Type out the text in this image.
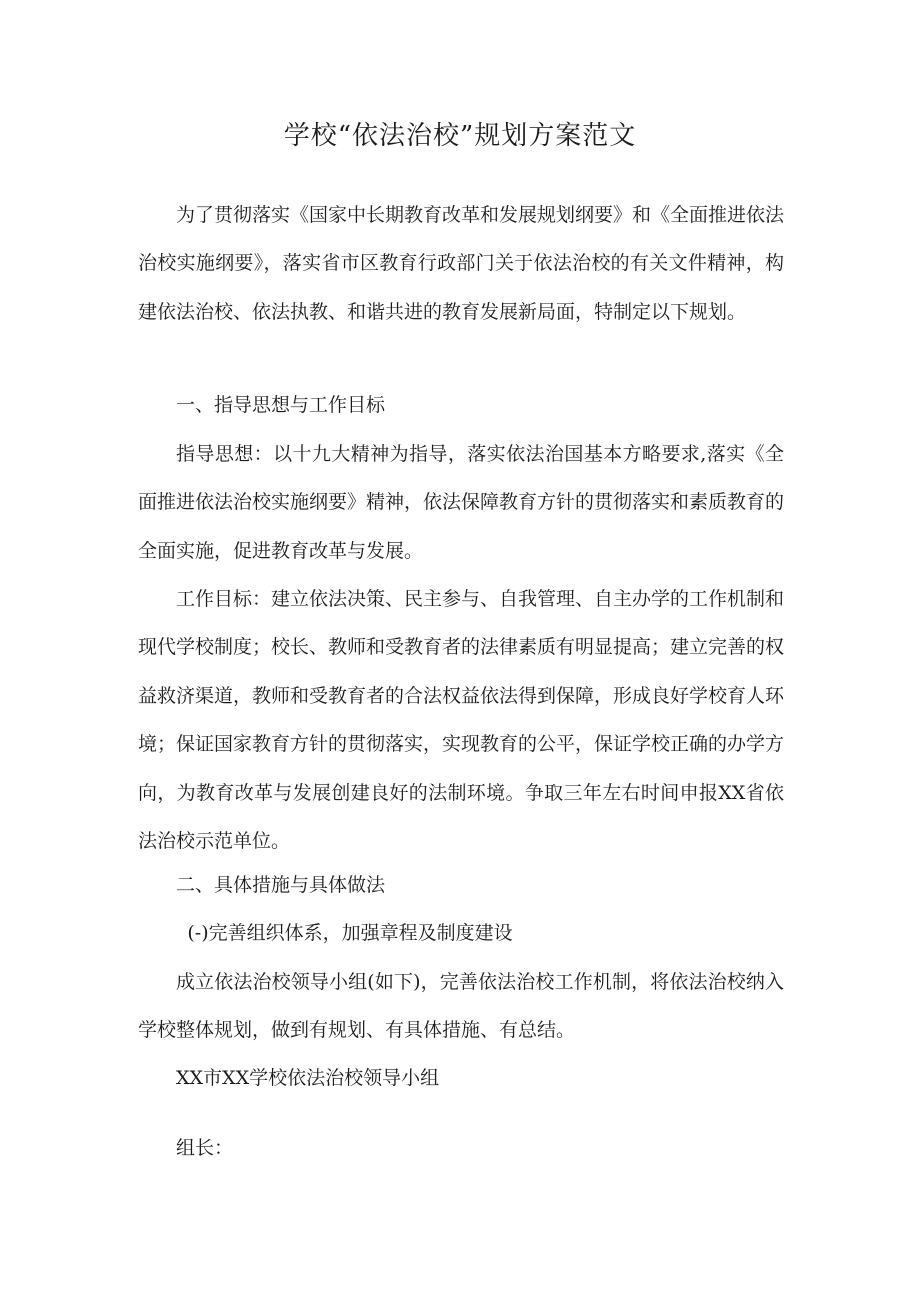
学校“依法治校”规划方案范文

为了贯彻落实《国家中长期教育改革和发展规划纲要》和《全面推进依法治校实施纲要》，落实省市区教育行政部门关于依法治校的有关文件精神，构建依法治校、依法执教、和谐共进的教育发展新局面，特制定以下规划。

一、指导思想与工作目标

指导思想：以十九大精神为指导，落实依法治国基本方略要求,落实《全面推进依法治校实施纲要》精神，依法保障教育方针的贯彻落实和素质教育的全面实施，促进教育改革与发展。

工作目标：建立依法决策、民主参与、自我管理、自主办学的工作机制和现代学校制度；校长、教师和受教育者的法律素质有明显提高；建立完善的权益救济渠道，教师和受教育者的合法权益依法得到保障，形成良好学校育人环境；保证国家教育方针的贯彻落实，实现教育的公平，保证学校正确的办学方向，为教育改革与发展创建良好的法制环境。争取三年左右时间申报XX省依法治校示范单位。

二、具体措施与具体做法

(-)完善组织体系，加强章程及制度建设

成立依法治校领导小组(如下)，完善依法治校工作机制，将依法治校纳入学校整体规划，做到有规划、有具体措施、有总结。

XX市XX学校依法治校领导小组

组长：
